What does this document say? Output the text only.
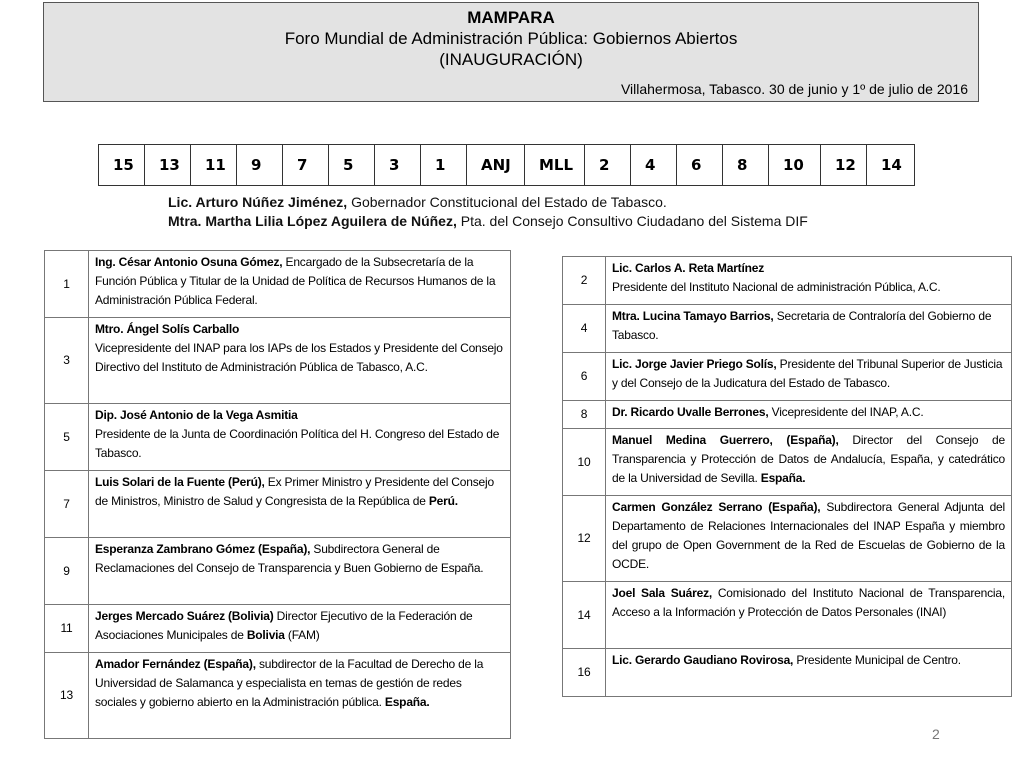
MAMPARA
Foro Mundial de Administración Pública: Gobiernos Abiertos
(INAUGURACIÓN)
Villahermosa, Tabasco. 30 de junio y 1º de julio de 2016
15	13	11	9	7	5	3	1	ANJ	MLL	2	4	6	8	10	12	14
Lic. Arturo Núñez Jiménez, Gobernador Constitucional del Estado de Tabasco.
Mtra. Martha Lilia López Aguilera de Núñez, Pta. del Consejo Consultivo Ciudadano del Sistema DIF
1	Ing. César Antonio Osuna Gómez, Encargado de la Subsecretaría de la Función Pública y Titular de la Unidad de Política de Recursos Humanos de la Administración Pública Federal.
3	Mtro. Ángel Solís Carballo
Vicepresidente del INAP para los IAPs de los Estados y Presidente del Consejo Directivo del Instituto de Administración Pública de Tabasco, A.C.
5	Dip. José Antonio de la Vega Asmitia
Presidente de la Junta de Coordinación Política del H. Congreso del Estado de Tabasco.
7	Luis Solari de la Fuente (Perú), Ex Primer Ministro y Presidente del Consejo de Ministros, Ministro de Salud y Congresista de la República de Perú.
9	Esperanza Zambrano Gómez (España), Subdirectora General de Reclamaciones del Consejo de Transparencia y Buen Gobierno de España.
11	Jerges Mercado Suárez (Bolivia) Director Ejecutivo de la Federación de Asociaciones Municipales de Bolivia (FAM)
13	Amador Fernández (España), subdirector de la Facultad de Derecho de la Universidad de Salamanca y especialista en temas de gestión de redes sociales y gobierno abierto en la Administración pública. España.
2	Lic. Carlos A. Reta Martínez
Presidente del Instituto Nacional de administración Pública, A.C.
4	Mtra. Lucina Tamayo Barrios, Secretaria de Contraloría del Gobierno de Tabasco.
6	Lic. Jorge Javier Priego Solís, Presidente del Tribunal Superior de Justicia y del Consejo de la Judicatura del Estado de Tabasco.
8	Dr. Ricardo Uvalle Berrones, Vicepresidente del INAP, A.C.
10	Manuel Medina Guerrero, (España), Director del Consejo de Transparencia y Protección de Datos de Andalucía, España, y catedrático de la Universidad de Sevilla. España.
12	Carmen González Serrano (España), Subdirectora General Adjunta del Departamento de Relaciones Internacionales del INAP España y miembro del grupo de Open Government de la Red de Escuelas de Gobierno de la OCDE.
14	Joel Sala Suárez, Comisionado del Instituto Nacional de Transparencia, Acceso a la Información y Protección de Datos Personales (INAI)
16	Lic. Gerardo Gaudiano Rovirosa, Presidente Municipal de Centro.
2
